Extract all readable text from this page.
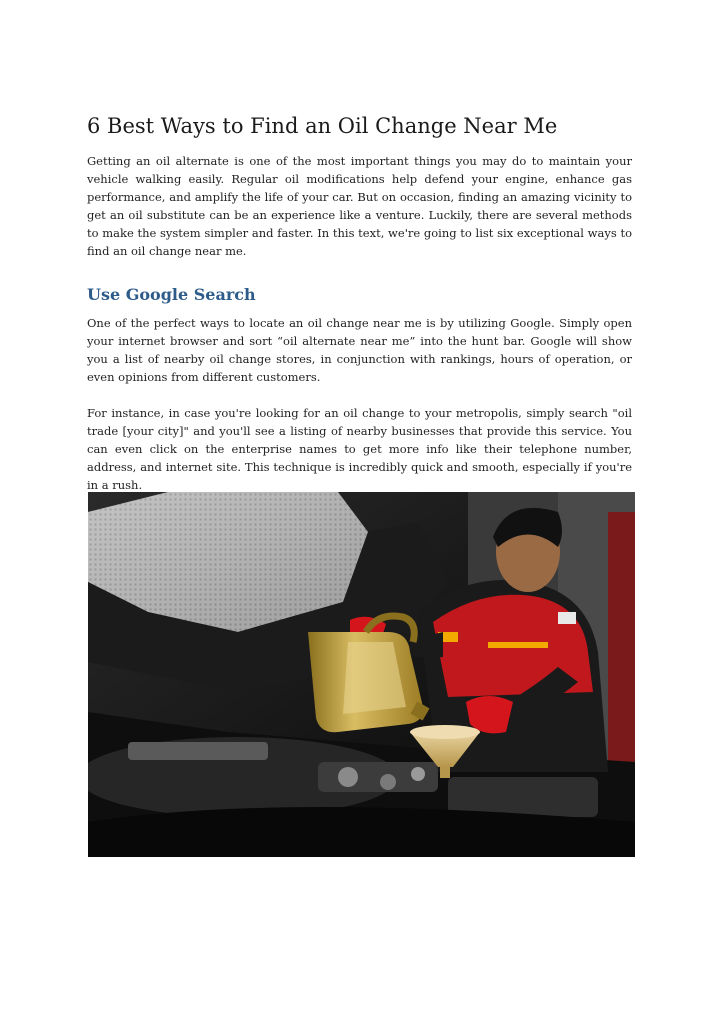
6 Best Ways to Find an Oil Change Near Me

Getting an oil alternate is one of the most important things you may do to maintain your vehicle walking easily. Regular oil modifications help defend your engine, enhance gas performance, and amplify the life of your car. But on occasion, finding an amazing vicinity to get an oil substitute can be an experience like a venture. Luckily, there are several methods to make the system simpler and faster. In this text, we're going to list six exceptional ways to find an oil change near me.

Use Google Search

One of the perfect ways to locate an oil change near me is by utilizing Google. Simply open your internet browser and sort “oil alternate near me” into the hunt bar. Google will show you a list of nearby oil change stores, in conjunction with rankings, hours of operation, or even opinions from different customers.

For instance, in case you're looking for an oil change to your metropolis, simply search "oil trade [your city]" and you'll see a listing of nearby businesses that provide this service. You can even click on the enterprise names to get more info like their telephone number, address, and internet site. This technique is incredibly quick and smooth, especially if you're in a rush.
